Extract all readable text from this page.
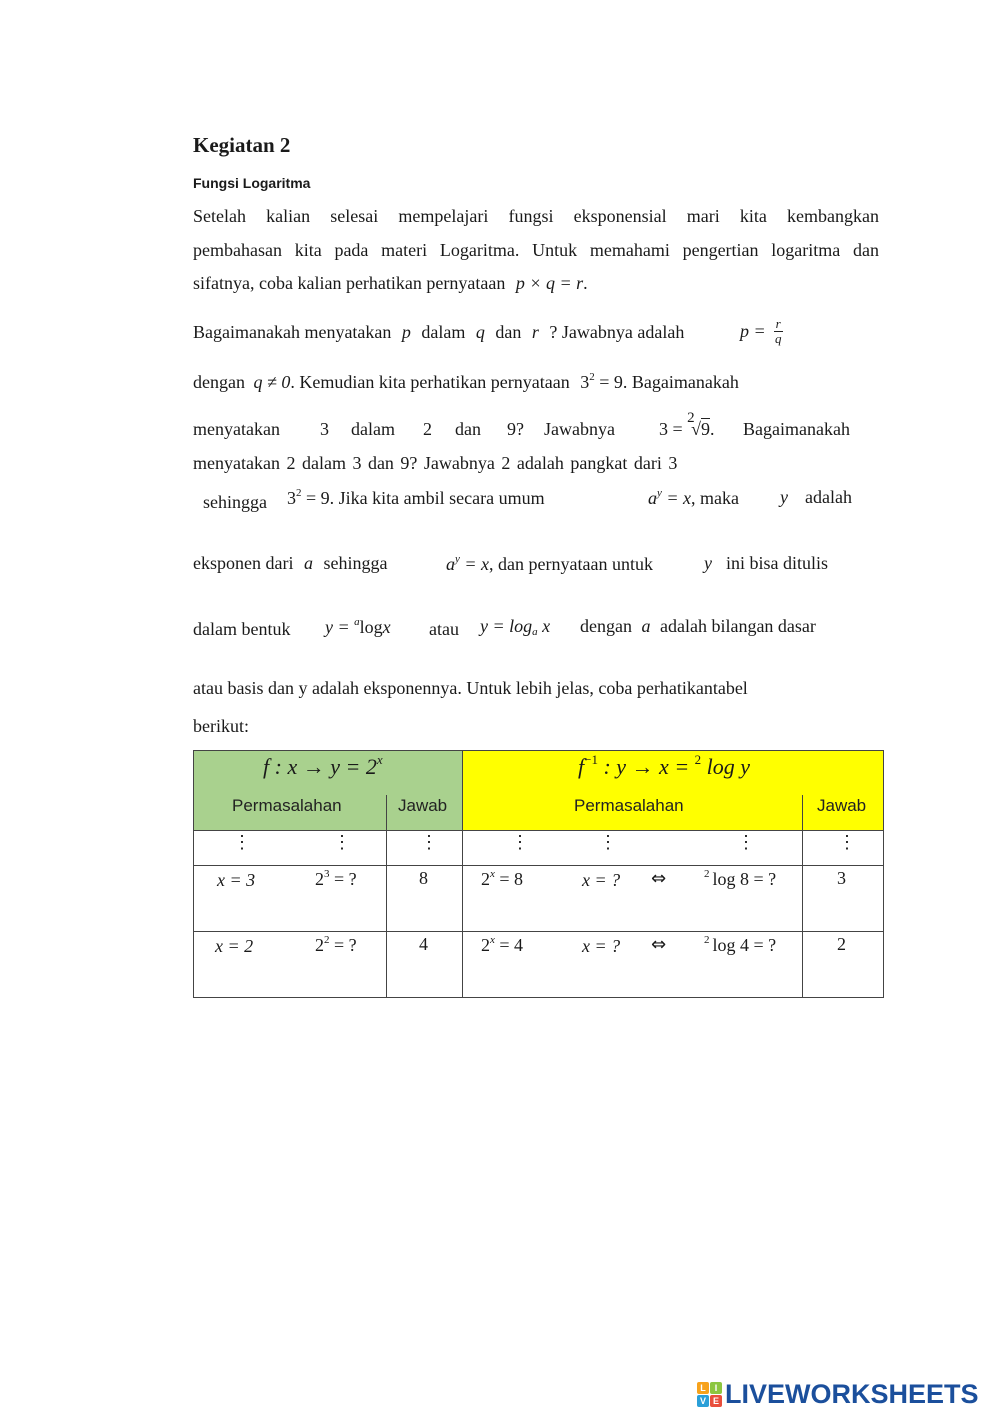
Kegiatan 2
Fungsi Logaritma
Setelah kalian selesai mempelajari fungsi eksponensial mari kita kembangkan
pembahasan kita pada materi Logaritma. Untuk memahami pengertian logaritma dan
sifatnya, coba kalian perhatikan pernyataan p × q = r.
Bagaimanakah menyatakan p dalam q dan r ? Jawabnya adalah	$p = \frac{r}{q}$
dengan q ≠ 0. Kemudian kita perhatikan pernyataan $3^2 = 9$. Bagaimanakah
menyatakan 3 dalam 2 dan 9? Jawabnya 3 =
2
√9. Bagaimanakah
menyatakan 2 dalam 3 dan 9? Jawabnya 2 adalah pangkat dari 3
sehingga $3^2 = 9$. Jika kita ambil secara umum	$a^y = x$, maka y adalah
eksponen dari a sehingga	$a^y = x$, dan pernyataan untuk	y ini bisa ditulis
dalam bentuk y = $^a$logx atau $y = \log_a x$ dengan a adalah bilangan dasar
atau basis dan y adalah eksponennya. Untuk lebih jelas, coba perhatikantabel
berikut:
f : $x \to y = 2^x$	$f^{-1}$ : y → x = $^2$ log y
Permasalahan	Jawab	Permasalahan	Jawab
⋮	⋮	⋮	⋮	⋮	⋮	⋮
x = 3	$2^3$ = ?	8	$2^x = 8$	x = ? ⇔	$^2$ log 8 = ?	3
x = 2	$2^2$ = ?	4	$2^x = 4$	x = ? ⇔	$^2$ log 4 = ?	2
L I
V E LIVEWORKSHEETS
